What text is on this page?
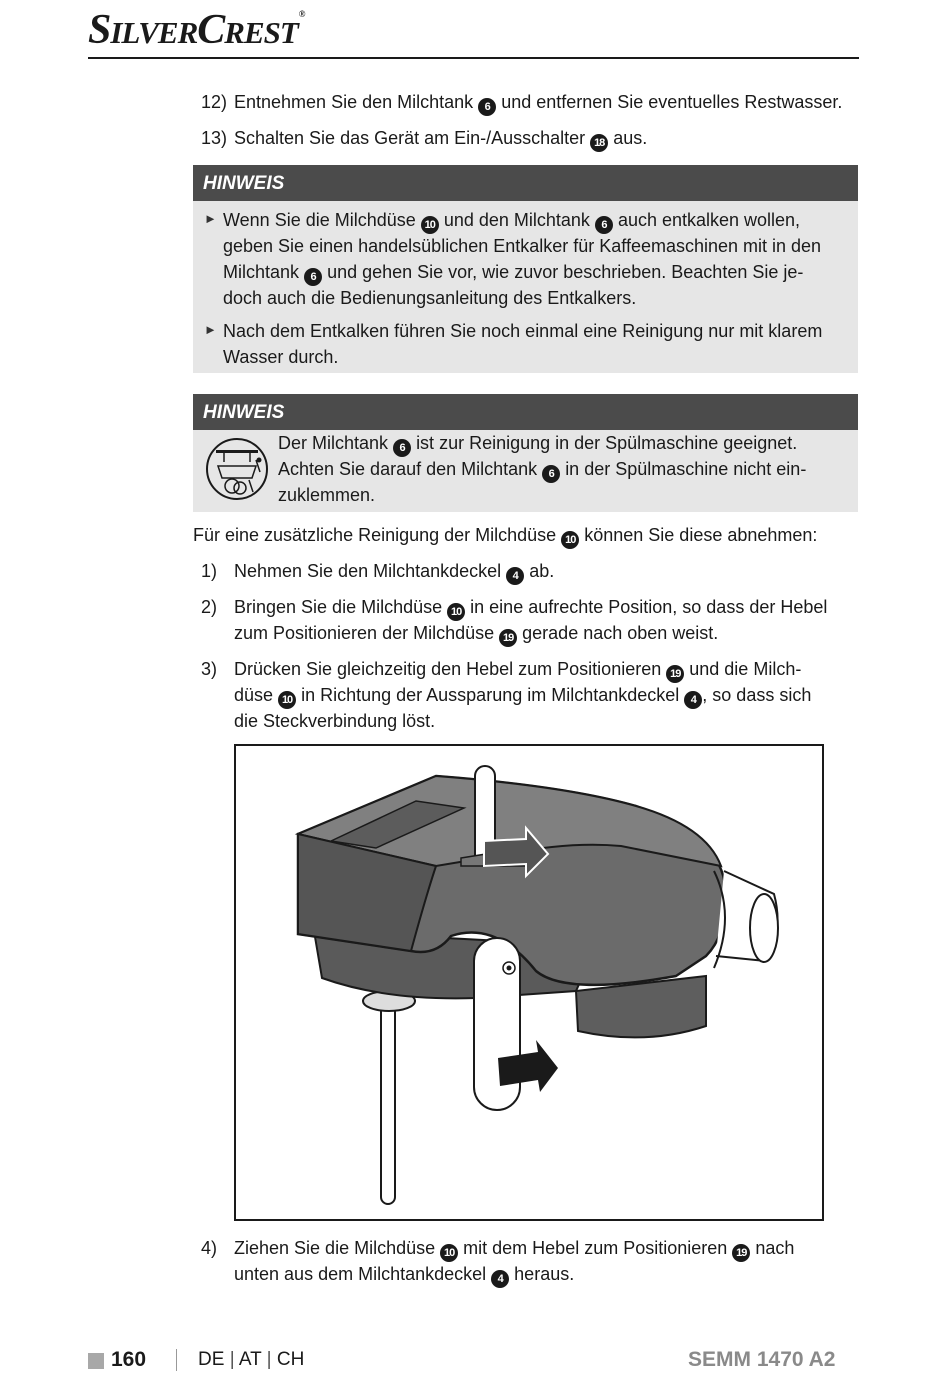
SILVERCREST®
12) Entnehmen Sie den Milchtank 6 und entfernen Sie eventuelles Restwasser.
13) Schalten Sie das Gerät am Ein-/Ausschalter 18 aus.
HINWEIS
► Wenn Sie die Milchdüse 10 und den Milchtank 6 auch entkalken wollen,
geben Sie einen handelsüblichen Entkalker für Kaffeemaschinen mit in den
Milchtank 6 und gehen Sie vor, wie zuvor beschrieben. Beachten Sie je-
doch auch die Bedienungsanleitung des Entkalkers.
► Nach dem Entkalken führen Sie noch einmal eine Reinigung nur mit klarem
Wasser durch.
HINWEIS
Der Milchtank 6 ist zur Reinigung in der Spülmaschine geeignet.
Achten Sie darauf den Milchtank 6 in der Spülmaschine nicht ein-
zuklemmen.
Für eine zusätzliche Reinigung der Milchdüse 10 können Sie diese abnehmen:
1) Nehmen Sie den Milchtankdeckel 4 ab.
2) Bringen Sie die Milchdüse 10 in eine aufrechte Position, so dass der Hebel
zum Positionieren der Milchdüse 19 gerade nach oben weist.
3) Drücken Sie gleichzeitig den Hebel zum Positionieren 19 und die Milch-
düse 10 in Richtung der Aussparung im Milchtankdeckel 4 , so dass sich
die Steckverbindung löst.
4) Ziehen Sie die Milchdüse 10 mit dem Hebel zum Positionieren 19 nach
unten aus dem Milchtankdeckel 4 heraus.
160	DE | AT | CH	SEMM 1470 A2
